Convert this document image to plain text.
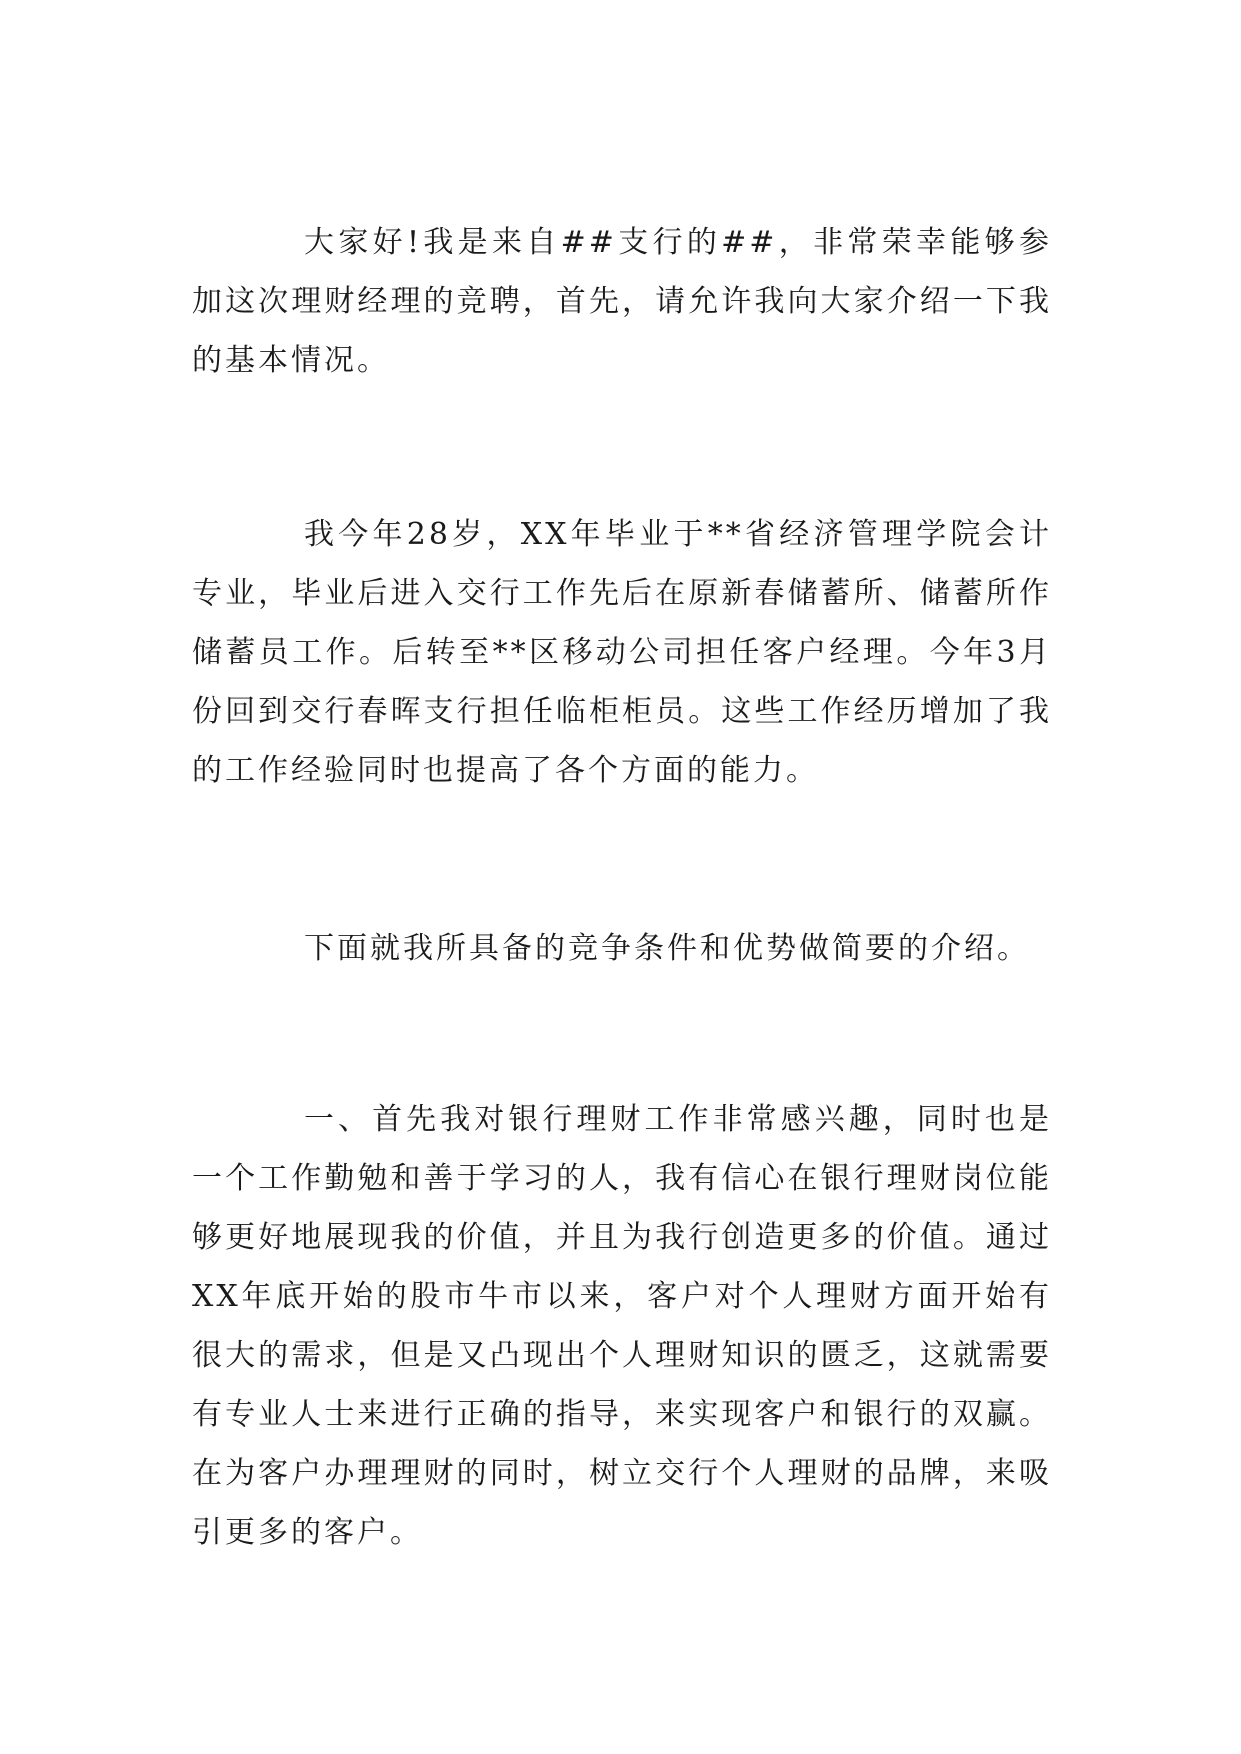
大家好!我是来自##支行的##，非常荣幸能够参加这次理财经理的竞聘，首先，请允许我向大家介绍一下我的基本情况。

我今年28岁，XX年毕业于**省经济管理学院会计专业，毕业后进入交行工作先后在原新春储蓄所、储蓄所作储蓄员工作。后转至**区移动公司担任客户经理。今年3月份回到交行春晖支行担任临柜柜员。这些工作经历增加了我的工作经验同时也提高了各个方面的能力。

下面就我所具备的竞争条件和优势做简要的介绍。

一、首先我对银行理财工作非常感兴趣，同时也是一个工作勤勉和善于学习的人，我有信心在银行理财岗位能够更好地展现我的价值，并且为我行创造更多的价值。通过XX年底开始的股市牛市以来，客户对个人理财方面开始有很大的需求，但是又凸现出个人理财知识的匮乏，这就需要有专业人士来进行正确的指导，来实现客户和银行的双赢。在为客户办理理财的同时，树立交行个人理财的品牌，来吸引更多的客户。
